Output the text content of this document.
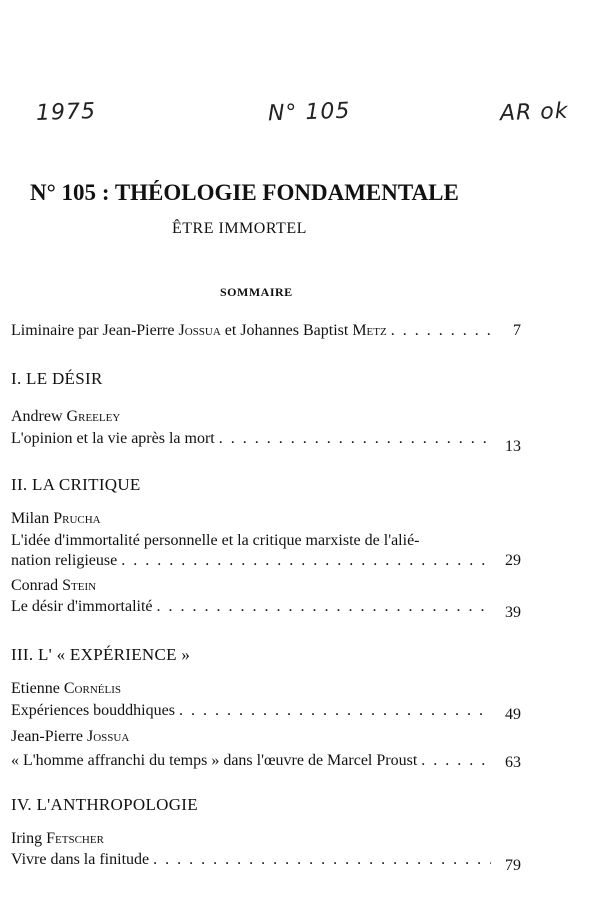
1975	N° 105	AR ok
N° 105 : THÉOLOGIE FONDAMENTALE
ÊTRE IMMORTEL
SOMMAIRE
Liminaire par Jean-Pierre Jossua et Johannes Baptist Metz . . .	7
I. LE DÉSIR
Andrew Greeley
L'opinion et la vie après la mort . . .	13
II. LA CRITIQUE
Milan Prucha
L'idée d'immortalité personnelle et la critique marxiste de l'alié-
nation religieuse . . .	29
Conrad Stein
Le désir d'immortalité . . .	39
III. L' « EXPÉRIENCE »
Etienne Cornélis
Expériences bouddhiques . . .	49
Jean-Pierre Jossua
« L'homme affranchi du temps » dans l'œuvre de Marcel Proust . . .	63
IV. L'ANTHROPOLOGIE
Iring Fetscher
Vivre dans la finitude . . .	79
